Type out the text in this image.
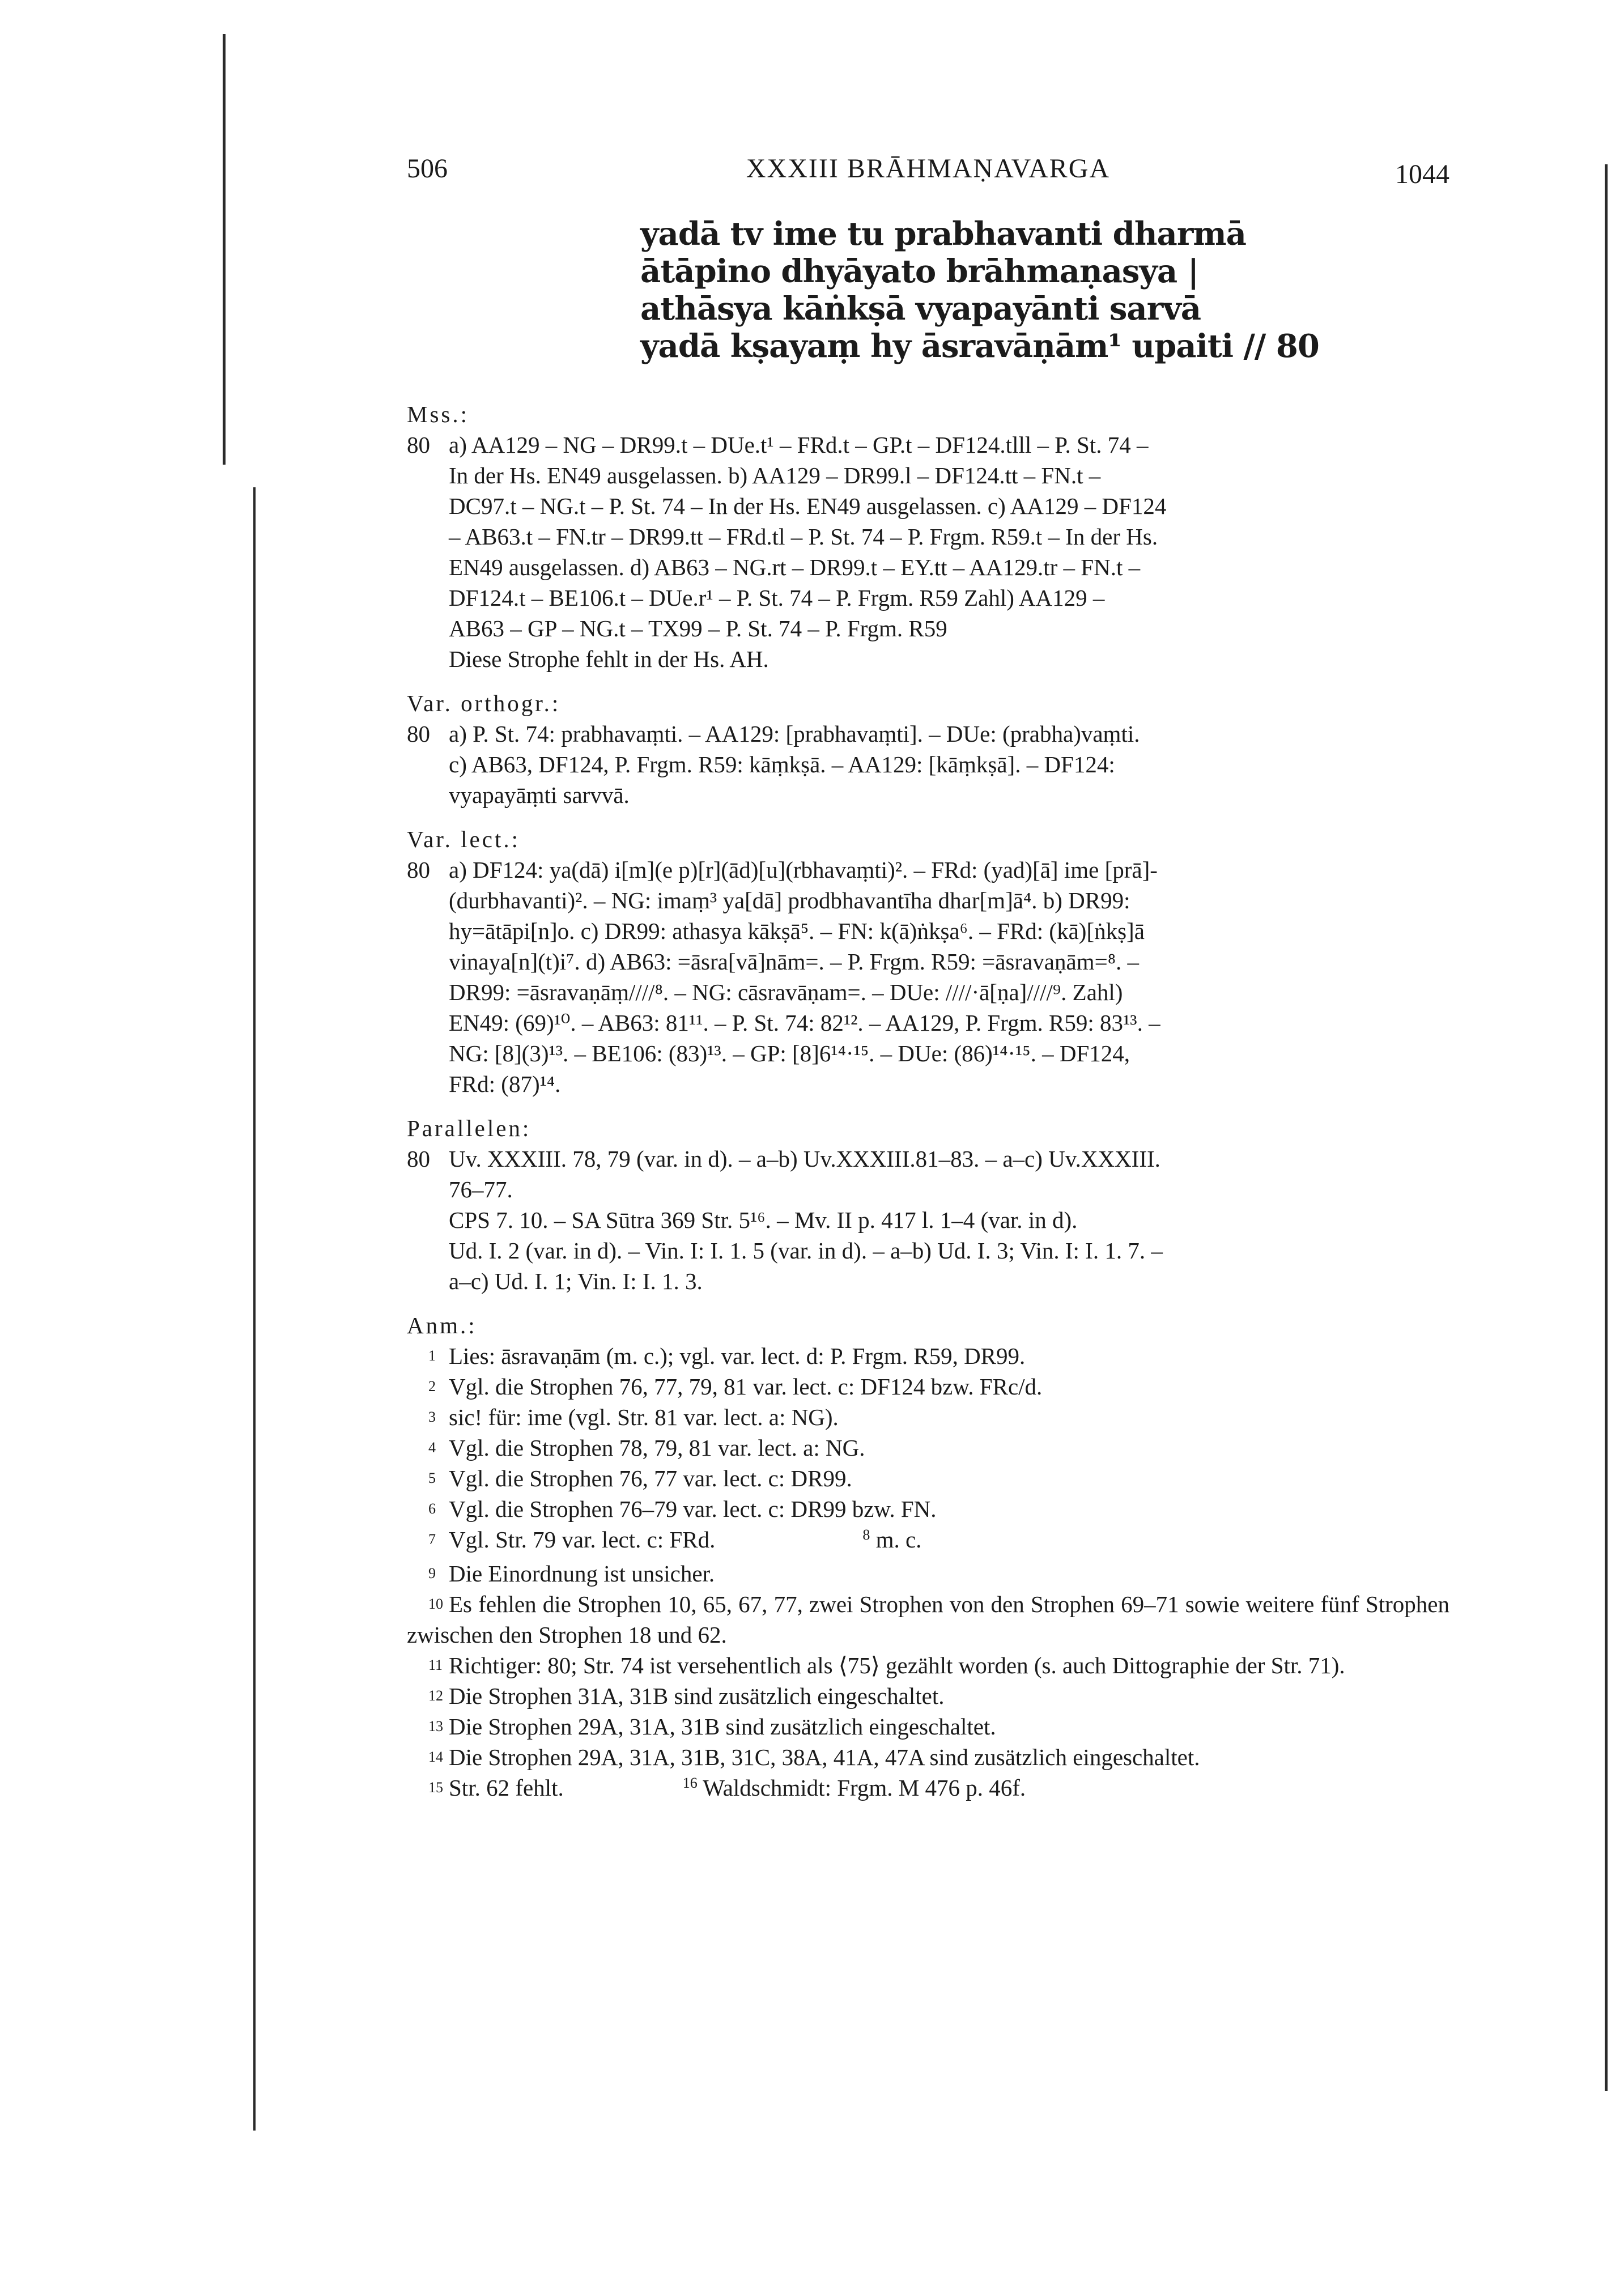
506	XXXIII BRĀHMAṆAVARGA	1044
yadā tv ime tu prabhavanti dharmā
ātāpino dhyāyato brāhmaṇasya |
athāsya kāṅkṣā vyapayānti sarvā
yadā kṣayaṃ hy āsravāṇām¹ upaiti // 80
Mss.:
80 a) AA129 – NG – DR99.t – DUe.t¹ – FRd.t – GP.t – DF124.tlll – P. St. 74 –
In der Hs. EN49 ausgelassen. b) AA129 – DR99.l – DF124.tt – FN.t –
DC97.t – NG.t – P. St. 74 – In der Hs. EN49 ausgelassen. c) AA129 – DF124
– AB63.t – FN.tr – DR99.tt – FRd.tl – P. St. 74 – P. Frgm. R59.t – In der Hs.
EN49 ausgelassen. d) AB63 – NG.rt – DR99.t – EY.tt – AA129.tr – FN.t –
DF124.t – BE106.t – DUe.r¹ – P. St. 74 – P. Frgm. R59 Zahl) AA129 –
AB63 – GP – NG.t – TX99 – P. St. 74 – P. Frgm. R59
Diese Strophe fehlt in der Hs. AH.
Var. orthogr.:
80 a) P. St. 74: prabhavaṃti. – AA129: [prabhavaṃti]. – DUe: (prabha)vaṃti.
c) AB63, DF124, P. Frgm. R59: kāṃkṣā. – AA129: [kāṃkṣā]. – DF124:
vyapayāṃti sarvvā.
Var. lect.:
80 a) DF124: ya(dā) i[m](e p)[r](ād)[u](rbhavaṃti)². – FRd: (yad)[ā] ime [prā]-
(durbhavanti)². – NG: imaṃ³ ya[dā] prodbhavantīha dhar[m]ā⁴. b) DR99:
hy=ātāpi[n]o. c) DR99: athasya kākṣā⁵. – FN: k(ā)ṅkṣa⁶. – FRd: (kā)[ṅkṣ]ā
vinaya[n](t)i⁷. d) AB63: =āsra[vā]nām=. – P. Frgm. R59: =āsravaṇām=⁸. –
DR99: =āsravaṇāṃ////⁸. – NG: cāsravāṇam=. – DUe: ////·ā[ṇa]////⁹. Zahl)
EN49: (69)¹⁰. – AB63: 81¹¹. – P. St. 74: 82¹². – AA129, P. Frgm. R59: 83¹³. –
NG: [8](3)¹³. – BE106: (83)¹³. – GP: [8]6¹⁴·¹⁵. – DUe: (86)¹⁴·¹⁵. – DF124,
FRd: (87)¹⁴.
Parallelen:
80 Uv. XXXIII. 78, 79 (var. in d). – a–b) Uv.XXXIII.81–83. – a–c) Uv.XXXIII.
76–77.
CPS 7. 10. – SA Sūtra 369 Str. 5¹⁶. – Mv. II p. 417 l. 1–4 (var. in d).
Ud. I. 2 (var. in d). – Vin. I: I. 1. 5 (var. in d). – a–b) Ud. I. 3; Vin. I: I. 1. 7. –
a–c) Ud. I. 1; Vin. I: I. 1. 3.
Anm.:
1 Lies: āsravaṇām (m. c.); vgl. var. lect. d: P. Frgm. R59, DR99.
2 Vgl. die Strophen 76, 77, 79, 81 var. lect. c: DF124 bzw. FRc/d.
3 sic! für: ime (vgl. Str. 81 var. lect. a: NG).
4 Vgl. die Strophen 78, 79, 81 var. lect. a: NG.
5 Vgl. die Strophen 76, 77 var. lect. c: DR99.
6 Vgl. die Strophen 76–79 var. lect. c: DR99 bzw. FN.
7 Vgl. Str. 79 var. lect. c: FRd.	$^8$ m. c.
9 Die Einordnung ist unsicher.
10 Es fehlen die Strophen 10, 65, 67, 77, zwei Strophen von den Strophen 69–71 sowie weitere fünf Strophen zwischen den Strophen 18 und 62.
11 Richtiger: 80; Str. 74 ist versehentlich als ⟨75⟩ gezählt worden (s. auch Dittographie der Str. 71).
12 Die Strophen 31A, 31B sind zusätzlich eingeschaltet.
13 Die Strophen 29A, 31A, 31B sind zusätzlich eingeschaltet.
14 Die Strophen 29A, 31A, 31B, 31C, 38A, 41A, 47A sind zusätzlich eingeschaltet.
15 Str. 62 fehlt.	$^{16}$ Waldschmidt: Frgm. M 476 p. 46f.
